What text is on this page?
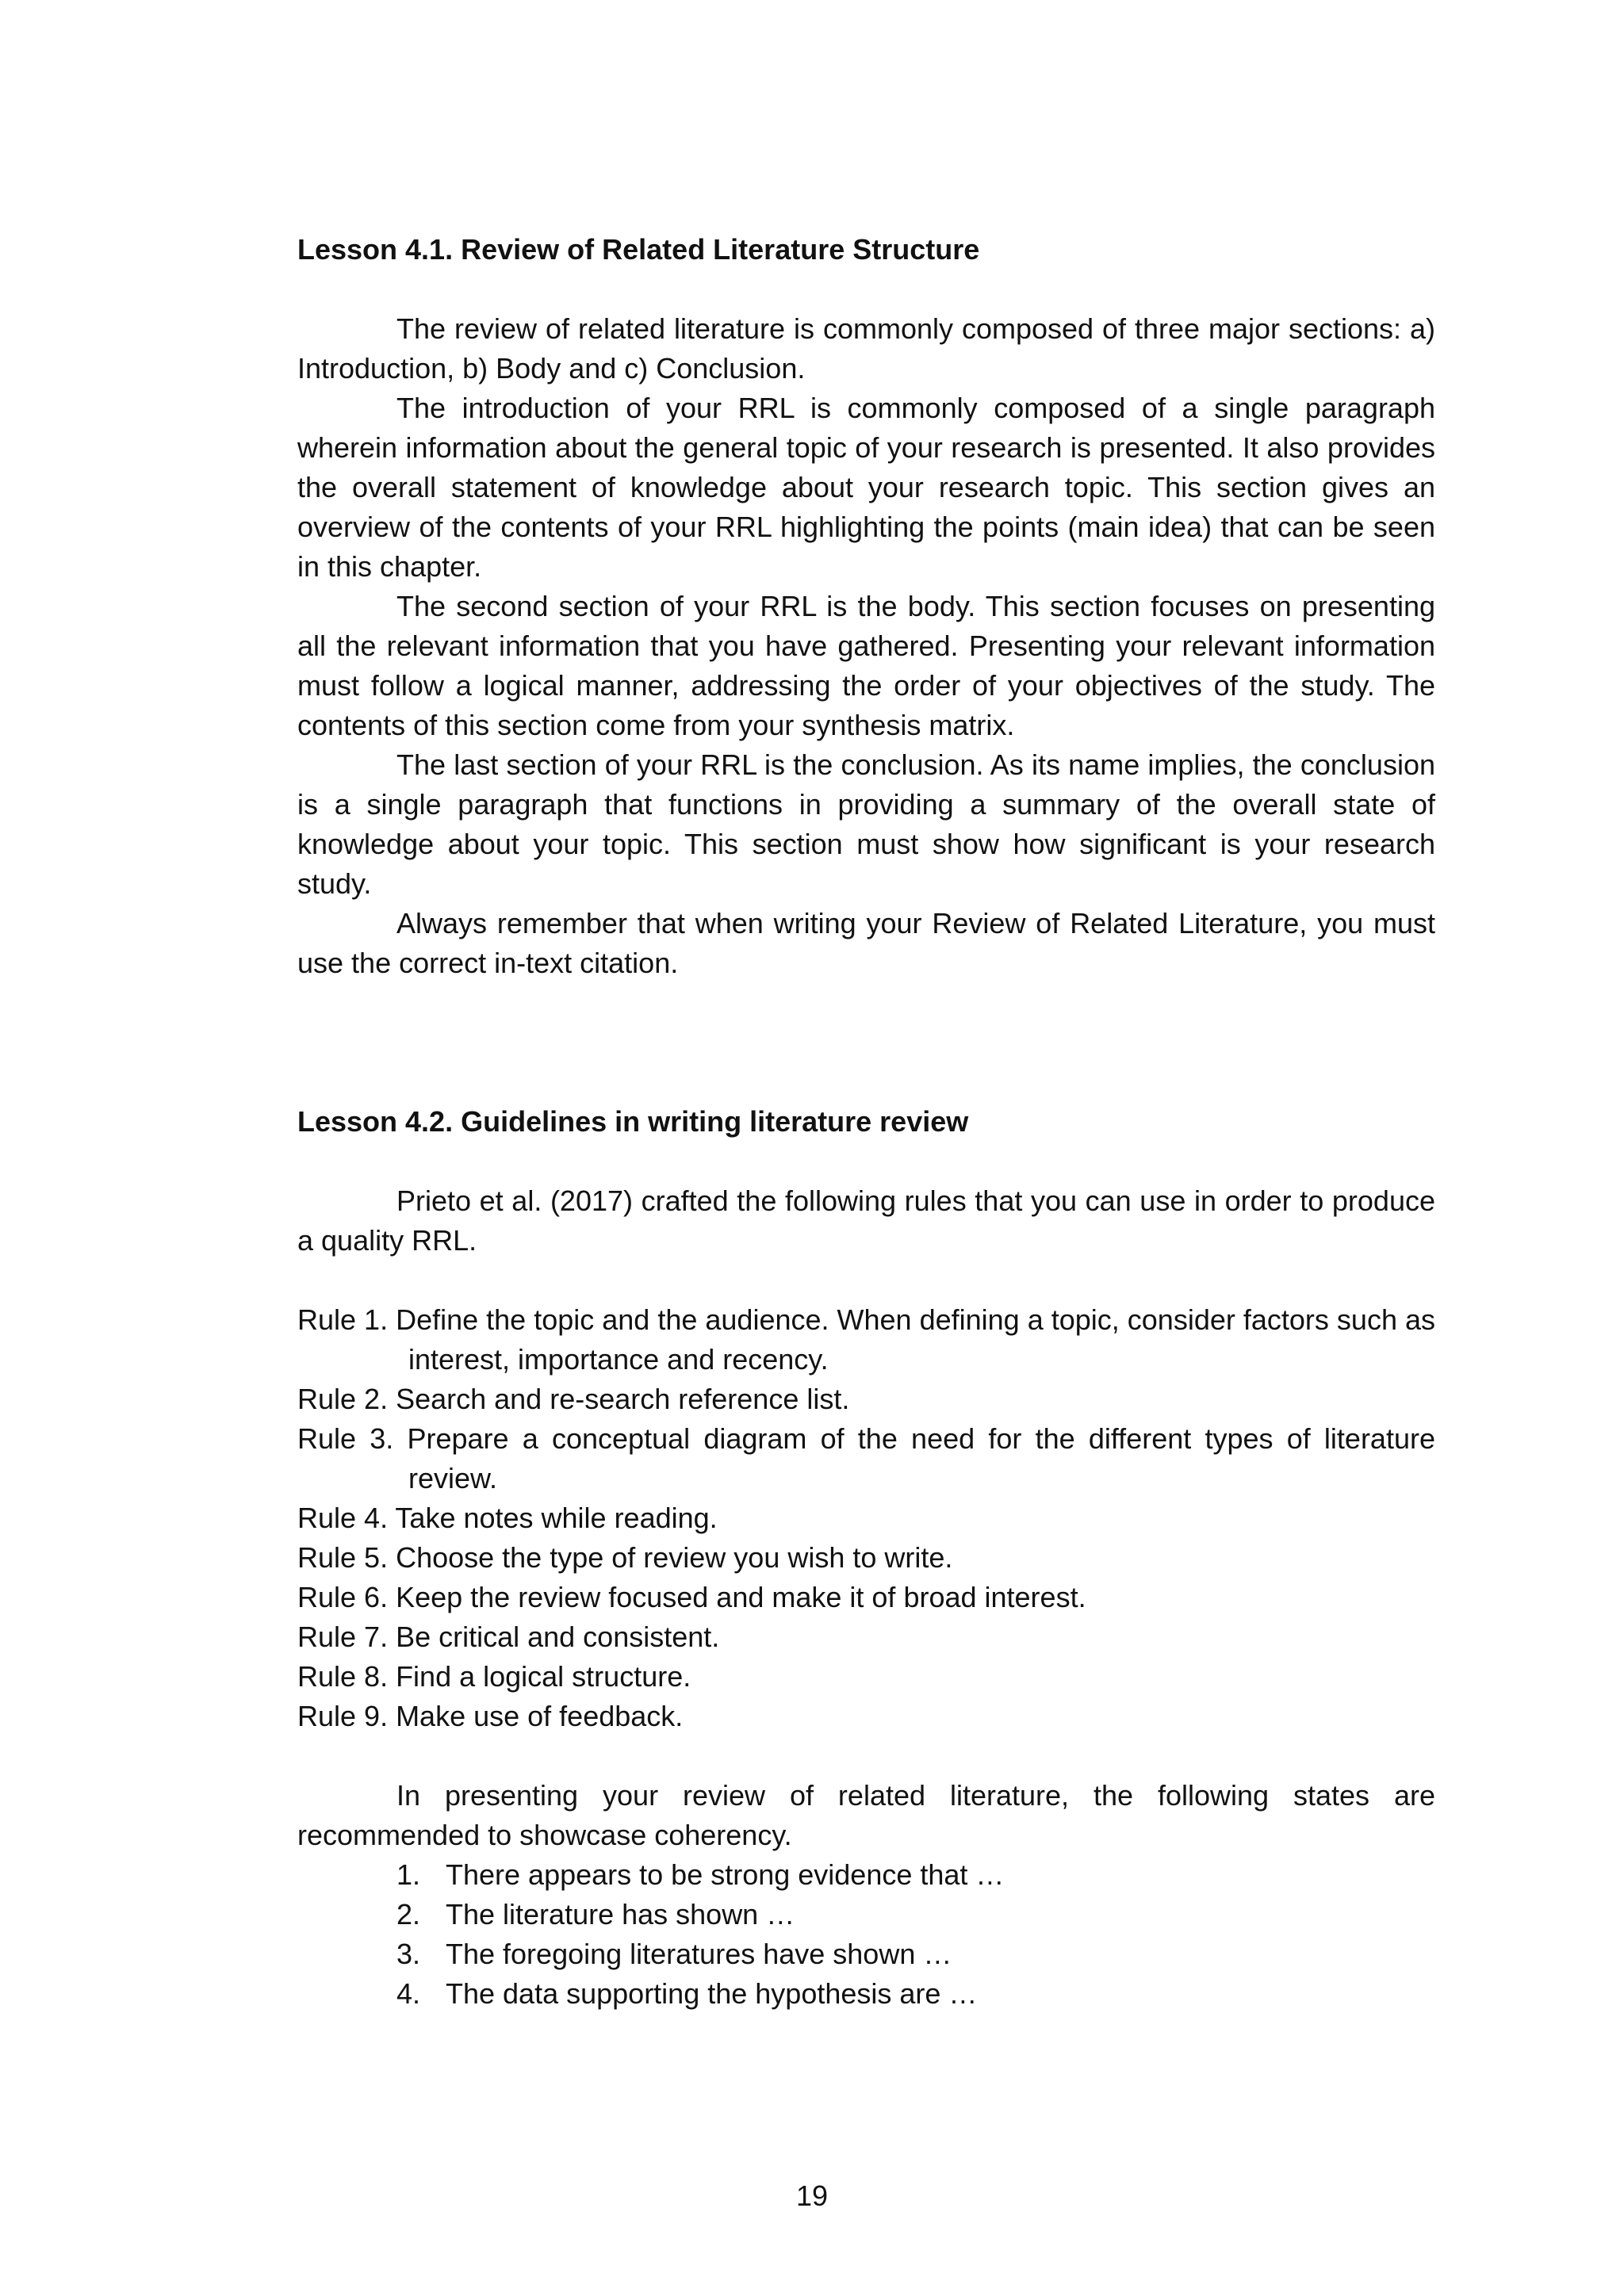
Lesson 4.1. Review of Related Literature Structure

The review of related literature is commonly composed of three major sections: a) Introduction, b) Body and c) Conclusion.

The introduction of your RRL is commonly composed of a single paragraph wherein information about the general topic of your research is presented. It also provides the overall statement of knowledge about your research topic. This section gives an overview of the contents of your RRL highlighting the points (main idea) that can be seen in this chapter.

The second section of your RRL is the body. This section focuses on presenting all the relevant information that you have gathered. Presenting your relevant information must follow a logical manner, addressing the order of your objectives of the study. The contents of this section come from your synthesis matrix.

The last section of your RRL is the conclusion. As its name implies, the conclusion is a single paragraph that functions in providing a summary of the overall state of knowledge about your topic. This section must show how significant is your research study.

Always remember that when writing your Review of Related Literature, you must use the correct in-text citation.

Lesson 4.2. Guidelines in writing literature review

Prieto et al. (2017) crafted the following rules that you can use in order to produce a quality RRL.

Rule 1. Define the topic and the audience. When defining a topic, consider factors such as interest, importance and recency.
Rule 2. Search and re-search reference list.
Rule 3. Prepare a conceptual diagram of the need for the different types of literature review.
Rule 4. Take notes while reading.
Rule 5. Choose the type of review you wish to write.
Rule 6. Keep the review focused and make it of broad interest.
Rule 7. Be critical and consistent.
Rule 8. Find a logical structure.
Rule 9. Make use of feedback.

In presenting your review of related literature, the following states are recommended to showcase coherency.

1. There appears to be strong evidence that …
2. The literature has shown …
3. The foregoing literatures have shown …
4. The data supporting the hypothesis are …
19
